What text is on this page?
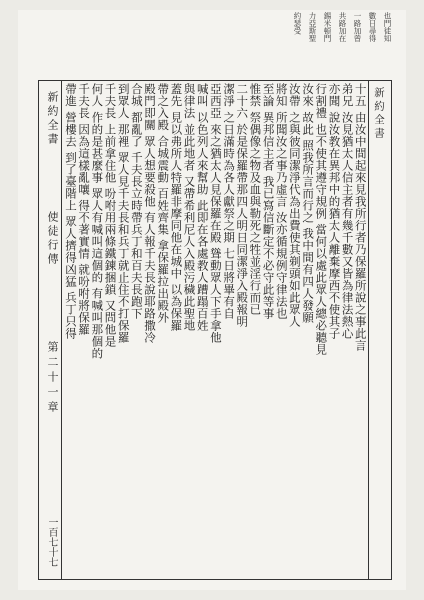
也門徒知
數日尋得
一路加曾
共路加在
錫米頓門
力亞斯聖
約瑟受
新約全書
十五 由汝中間起來見我所行者乃保羅所說之事此言
弟兄 汝見猶太人信主者有幾千數又皆為律法熱心
亦聞 說汝教在異邦中的猶太人離棄摩西不使其子
行割禮 也不使其遵守規例 當何以處此眾人總必聽見
汝來 故此 照我所言而行之 我中間有四人發願
汝帶 之與彼同潔淨代為出費使其剃頭如此眾人
將知 所聞汝之事乃虛言 汝亦循規例守律法也
至論 異邦信主者 我已寫信斷定不必守此等事
惟禁 祭偶像之物及血與勒死之牲並淫行而已
二十六 於是保羅帶那四人明日同潔淨入殿報明
潔淨 之日滿時為各人獻祭之期 七日將畢有自
亞西亞 來之猶太人見保羅在殿 聳動眾人下手拿他
喊叫 以色列人來幫助 此即在各處教人蹧蹋百姓
與律法 並此地者 又帶希利尼人入殿污穢此聖地
蓋先 見以弗所人特羅非摩同他在城中 以為保羅
帶之入殿 合城震動 百姓齊集 拿保羅拉出殿外
殿門即關 眾人想要殺他 有人報千夫長說耶路撒冷
合城 都亂了 千夫長立時帶兵丁和百夫長跑下
到眾人 那裡 眾人見千夫長和兵丁就止住不打保羅
千夫長 上前拿住他 吩咐用兩條鐵鍊捆鎖 又問他是
何人 作的是甚麼事 眾人有喊叫這個的 有喊叫那個的
千夫長 因為這樣亂嚷 得不著實情 就吩咐將保羅
帶進 營樓去 到了臺階上 眾人擠得凶猛 兵丁只得
新約全書
使徒行傳
第二十一章
一百七十七
